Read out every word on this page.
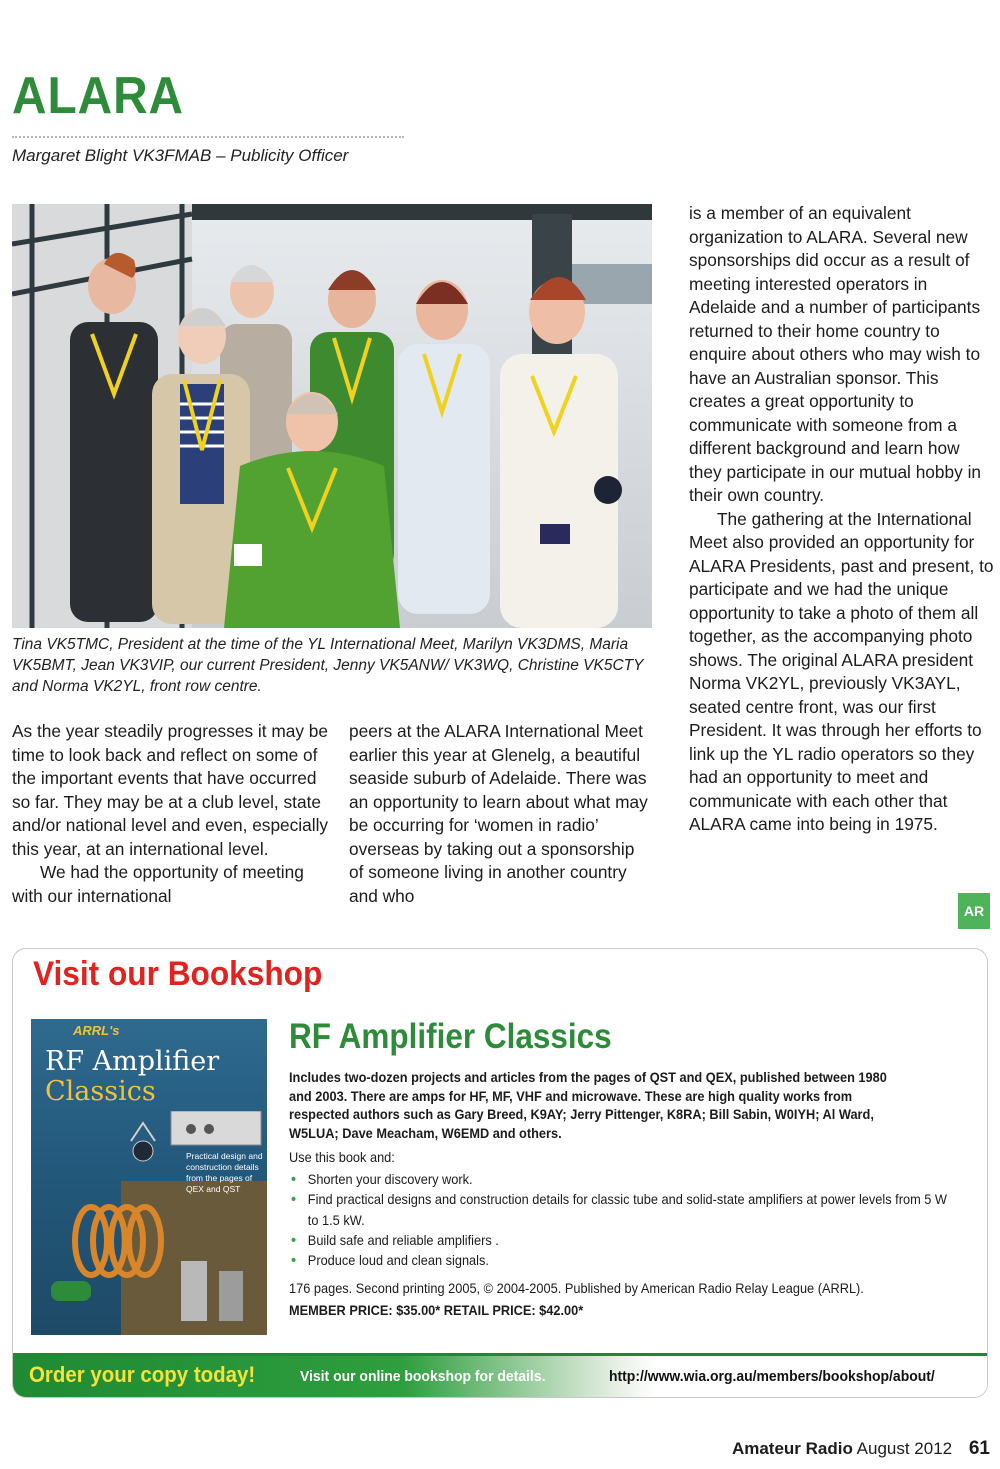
ALARA
Margaret Blight VK3FMAB – Publicity Officer

Tina VK5TMC, President at the time of the YL International Meet, Marilyn VK3DMS, Maria VK5BMT, Jean VK3VIP, our current President, Jenny VK5ANW/ VK3WQ, Christine VK5CTY and Norma VK2YL, front row centre.

As the year steadily progresses it may be time to look back and reflect on some of the important events that have occurred so far. They may be at a club level, state and/or national level and even, especially this year, at an international level.

We had the opportunity of meeting with our international

peers at the ALARA International Meet earlier this year at Glenelg, a beautiful seaside suburb of Adelaide. There was an opportunity to learn about what may be occurring for ‘women in radio’ overseas by taking out a sponsorship of someone living in another country and who

is a member of an equivalent organization to ALARA. Several new sponsorships did occur as a result of meeting interested operators in Adelaide and a number of participants returned to their home country to enquire about others who may wish to have an Australian sponsor. This creates a great opportunity to communicate with someone from a different background and learn how they participate in our mutual hobby in their own country.

The gathering at the International Meet also provided an opportunity for ALARA Presidents, past and present, to participate and we had the unique opportunity to take a photo of them all together, as the accompanying photo shows. The original ALARA president Norma VK2YL, previously VK3AYL, seated centre front, was our first President. It was through her efforts to link up the YL radio operators so they had an opportunity to meet and communicate with each other that ALARA came into being in 1975.

AR
Visit our Bookshop
ARRL's
RF Amplifier
Classics
Practical design and construction details from the pages of QEX and QST
RF Amplifier Classics
Includes two-dozen projects and articles from the pages of QST and QEX, published between 1980 and 2003. There are amps for HF, MF, VHF and microwave. These are high quality works from respected authors such as Gary Breed, K9AY; Jerry Pittenger, K8RA; Bill Sabin, W0IYH; Al Ward, W5LUA; Dave Meacham, W6EMD and others.
Use this book and:
• Shorten your discovery work.
• Find practical designs and construction details for classic tube and solid-state amplifiers at power levels from 5 W to 1.5 kW.
• Build safe and reliable amplifiers .
• Produce loud and clean signals.
176 pages. Second printing 2005, © 2004-2005. Published by American Radio Relay League (ARRL).
MEMBER PRICE: $35.00* RETAIL PRICE: $42.00*
Order your copy today!	Visit our online bookshop for details.	http://www.wia.org.au/members/bookshop/about/
Amateur Radio August 2012 61
